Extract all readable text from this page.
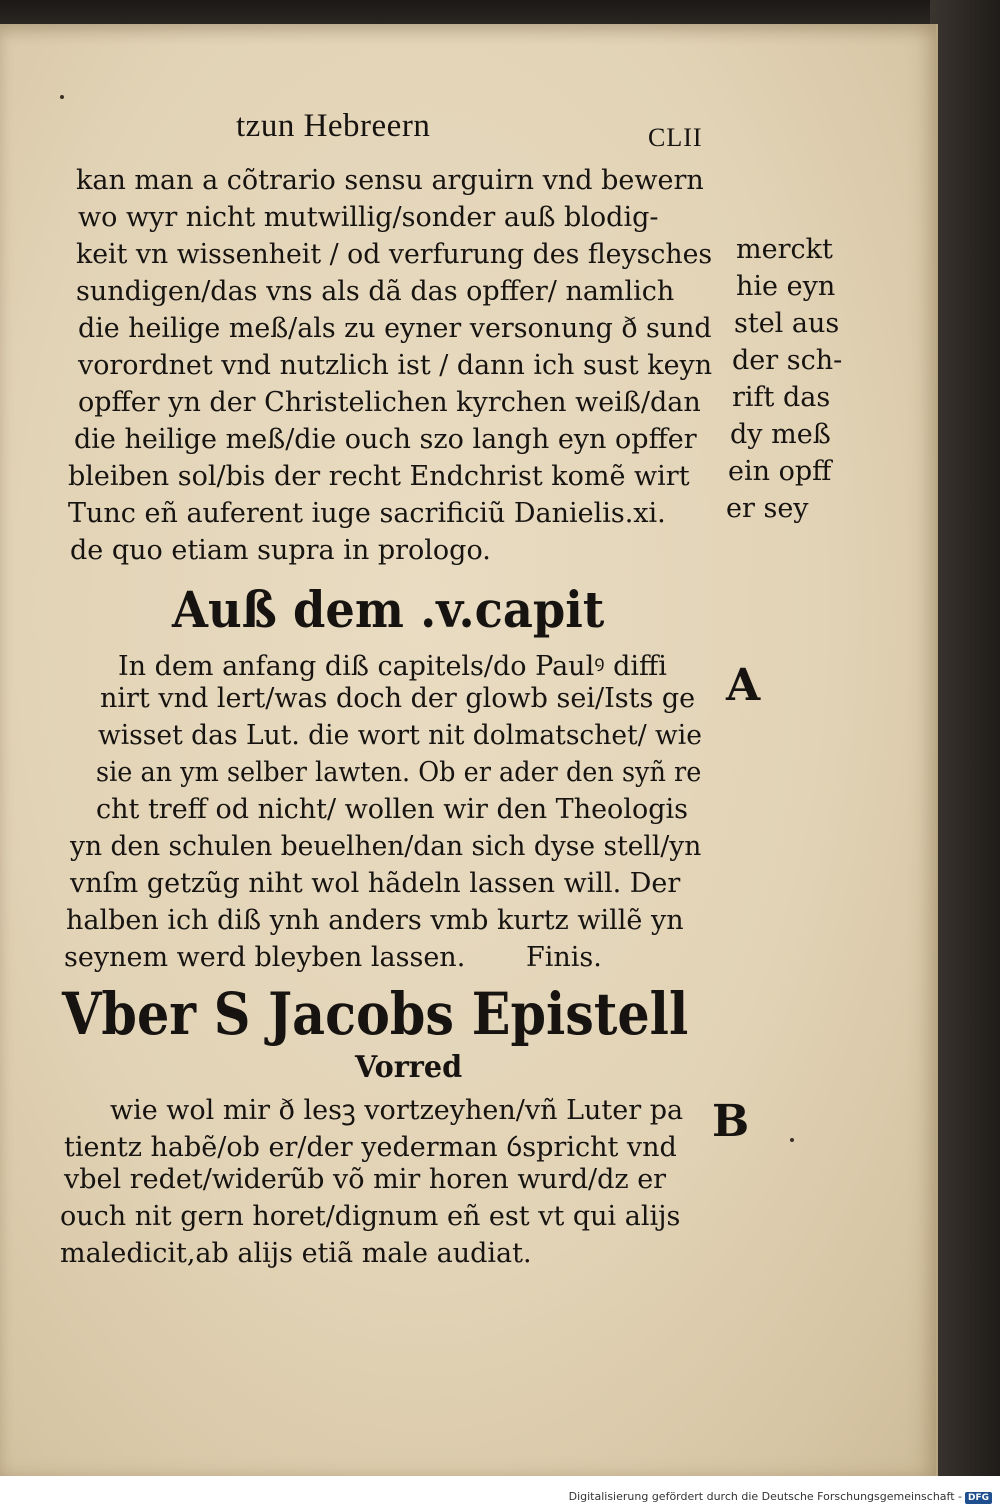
tzun Hebreern	CLII
kan man a cõtrario sensu arguirn vnd bewern
wo wyr nicht mutwillig/sonder auß blodig-
keit vn wissenheit / od verfurung des fleysches
sundigen/das vns als dã das opffer/ namlich
die heilige meß/als zu eyner versonung ð sund
vorordnet vnd nutzlich ist / dann ich sust keyn
opffer yn der Christelichen kyrchen weiß/dan
die heilige meß/die ouch szo langh eyn opffer
bleiben sol/bis der recht Endchrist komẽ wirt
Tunc eñ auferent iuge sacrificiũ Danielis.xi.
de quo etiam supra in prologo.
merckt
hie eyn
stel aus
der sch-
rift das
dy meß
ein opff
er sey
Auß dem .v.capit
In dem anfang diß capitels/do Paulꝰ diffi
nirt vnd lert/was doch der glowb sei/Ists ge
wisset das Lut. die wort nit dolmatschet/ wie
sie an ym selber lawten. Ob er ader den syñ re
cht treff od nicht/ wollen wir den Theologis
yn den schulen beuelhen/dan sich dyse stell/yn
vnſm getzũg niht wol hãdeln lassen will. Der
halben ich diß ynh anders vmb kurtz willẽ yn
seynem werd bleyben lassen. Finis.
A
Vber S Jacobs Epistell
Vorred
wie wol mir ð lesꝫ vortzeyhen/vñ Luter pa
tientz habẽ/ob er/der yederman ỽspricht vnd
vbel redet/widerũb võ mir horen wurd/dz er
ouch nit gern horet/dignum eñ est vt qui alijs
maledicit,ab alijs etiã male audiat.
B
Digitalisierung gefördert durch die Deutsche Forschungsgemeinschaft - DFG
